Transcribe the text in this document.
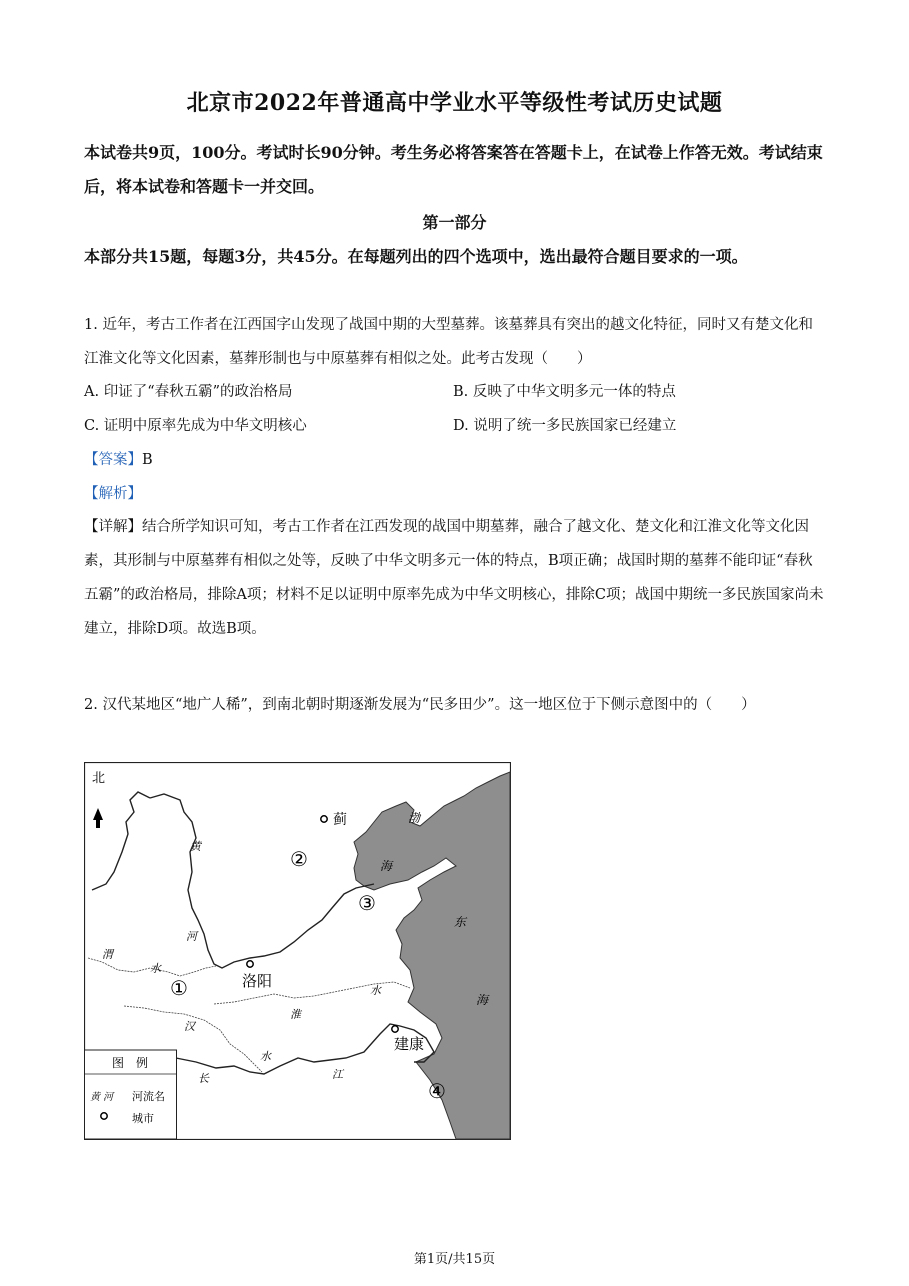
北京市2022年普通高中学业水平等级性考试历史试题
本试卷共9页，100分。考试时长90分钟。考生务必将答案答在答题卡上，在试卷上作答无效。考试结束后，将本试卷和答题卡一并交回。
第一部分
本部分共15题，每题3分，共45分。在每题列出的四个选项中，选出最符合题目要求的一项。
1. 近年，考古工作者在江西国字山发现了战国中期的大型墓葬。该墓葬具有突出的越文化特征，同时又有楚文化和江淮文化等文化因素，墓葬形制也与中原墓葬有相似之处。此考古发现（　　）
A. 印证了“春秋五霸”的政治格局	B. 反映了中华文明多元一体的特点
C. 证明中原率先成为中华文明核心	D. 说明了统一多民族国家已经建立
【答案】B
【解析】
【详解】结合所学知识可知，考古工作者在江西发现的战国中期墓葬，融合了越文化、楚文化和江淮文化等文化因素，其形制与中原墓葬有相似之处等，反映了中华文明多元一体的特点，B项正确；战国时期的墓葬不能印证“春秋五霸”的政治格局，排除A项；材料不足以证明中原率先成为中华文明核心，排除C项；战国中期统一多民族国家尚未建立，排除D项。故选B项。
2. 汉代某地区“地广人稀”，到南北朝时期逐渐发展为“民多田少”。这一地区位于下侧示意图中的（　　）
图　例
黄 河 河流名
城市
蓟
洛阳
建康
①
②
③
④
北
黄
河
渭
水
淮
水
汉
水
长	江
渤
海
东
海
第1页/共15页
